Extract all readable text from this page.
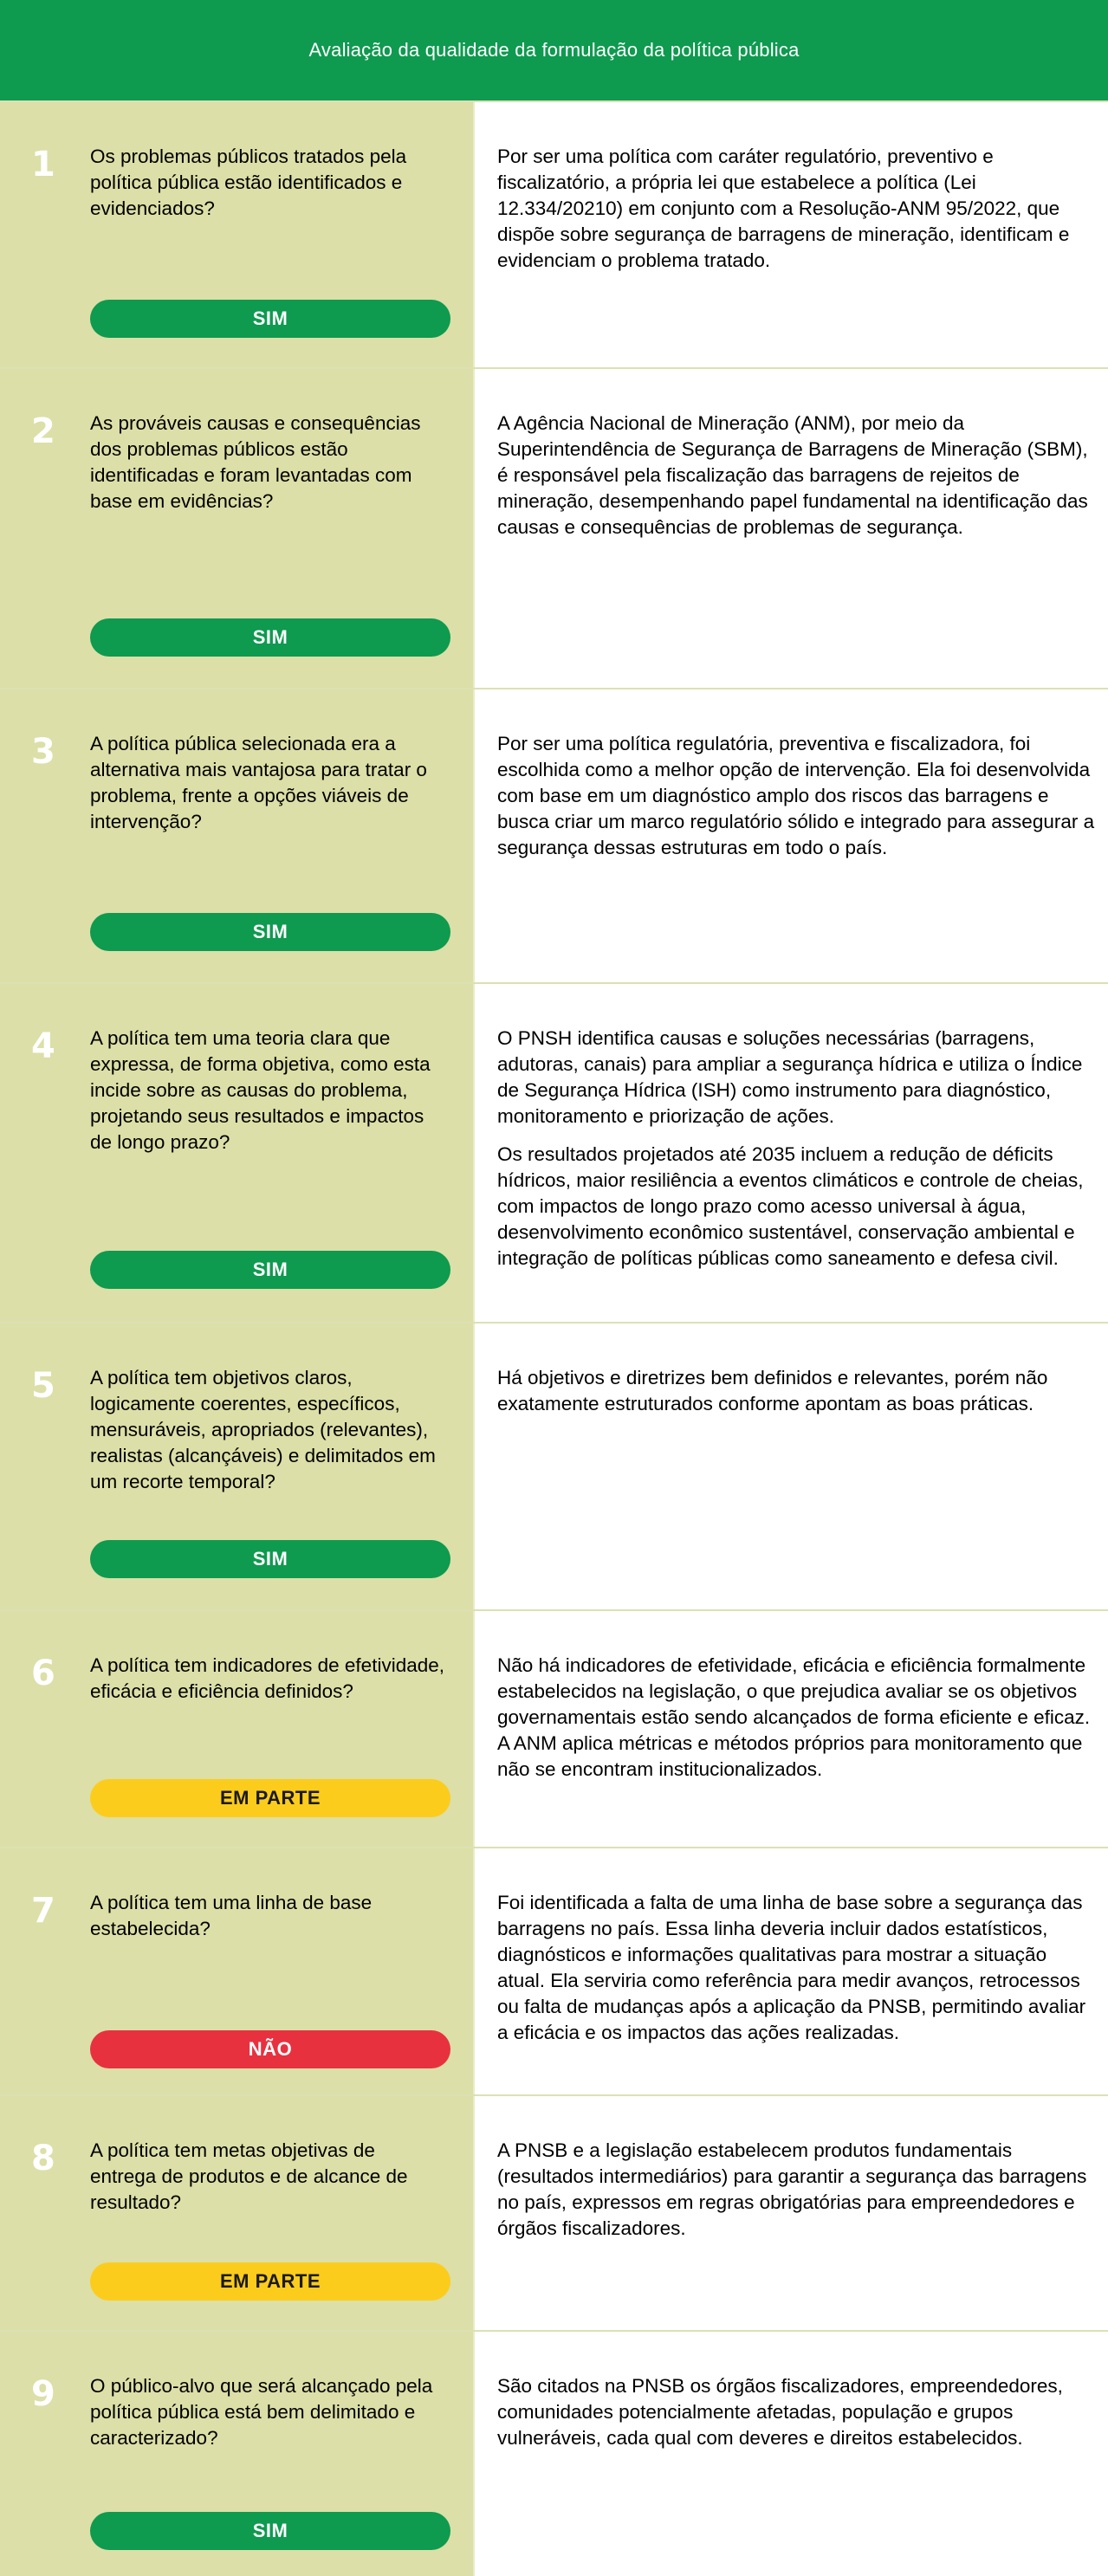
Avaliação da qualidade da formulação da política pública
1 Os problemas públicos tratados pela política pública estão identificados e evidenciados?
SIM

Por ser uma política com caráter regulatório, preventivo e fiscalizatório, a própria lei que estabelece a política (Lei 12.334/20210) em conjunto com a Resolução-ANM 95/2022, que dispõe sobre segurança de barragens de mineração, identificam e evidenciam o problema tratado.

2 As prováveis causas e consequências dos problemas públicos estão identificadas e foram levantadas com base em evidências?
SIM

A Agência Nacional de Mineração (ANM), por meio da Superintendência de Segurança de Barragens de Mineração (SBM), é responsável pela fiscalização das barragens de rejeitos de mineração, desempenhando papel fundamental na identificação das causas e consequências de problemas de segurança.

3 A política pública selecionada era a alternativa mais vantajosa para tratar o problema, frente a opções viáveis de intervenção?
SIM

Por ser uma política regulatória, preventiva e fiscalizadora, foi escolhida como a melhor opção de intervenção. Ela foi desenvolvida com base em um diagnóstico amplo dos riscos das barragens e busca criar um marco regulatório sólido e integrado para assegurar a segurança dessas estruturas em todo o país.

4 A política tem uma teoria clara que expressa, de forma objetiva, como esta incide sobre as causas do problema, projetando seus resultados e impactos de longo prazo?
SIM

O PNSH identifica causas e soluções necessárias (barragens, adutoras, canais) para ampliar a segurança hídrica e utiliza o Índice de Segurança Hídrica (ISH) como instrumento para diagnóstico, monitoramento e priorização de ações.

Os resultados projetados até 2035 incluem a redução de déficits hídricos, maior resiliência a eventos climáticos e controle de cheias, com impactos de longo prazo como acesso universal à água, desenvolvimento econômico sustentável, conservação ambiental e integração de políticas públicas como saneamento e defesa civil.

5 A política tem objetivos claros, logicamente coerentes, específicos, mensuráveis, apropriados (relevantes), realistas (alcançáveis) e delimitados em um recorte temporal?
SIM

Há objetivos e diretrizes bem definidos e relevantes, porém não exatamente estruturados conforme apontam as boas práticas.

6 A política tem indicadores de efetividade, eficácia e eficiência definidos?
EM PARTE

Não há indicadores de efetividade, eficácia e eficiência formalmente estabelecidos na legislação, o que prejudica avaliar se os objetivos governamentais estão sendo alcançados de forma eficiente e eficaz. A ANM aplica métricas e métodos próprios para monitoramento que não se encontram institucionalizados.

7 A política tem uma linha de base estabelecida?
NÃO

Foi identificada a falta de uma linha de base sobre a segurança das barragens no país. Essa linha deveria incluir dados estatísticos, diagnósticos e informações qualitativas para mostrar a situação atual. Ela serviria como referência para medir avanços, retrocessos ou falta de mudanças após a aplicação da PNSB, permitindo avaliar a eficácia e os impactos das ações realizadas.

8 A política tem metas objetivas de entrega de produtos e de alcance de resultado?
EM PARTE

A PNSB e a legislação estabelecem produtos fundamentais (resultados intermediários) para garantir a segurança das barragens no país, expressos em regras obrigatórias para empreendedores e órgãos fiscalizadores.

9 O público-alvo que será alcançado pela política pública está bem delimitado e caracterizado?
SIM

São citados na PNSB os órgãos fiscalizadores, empreendedores, comunidades potencialmente afetadas, população e grupos vulneráveis, cada qual com deveres e direitos estabelecidos.
